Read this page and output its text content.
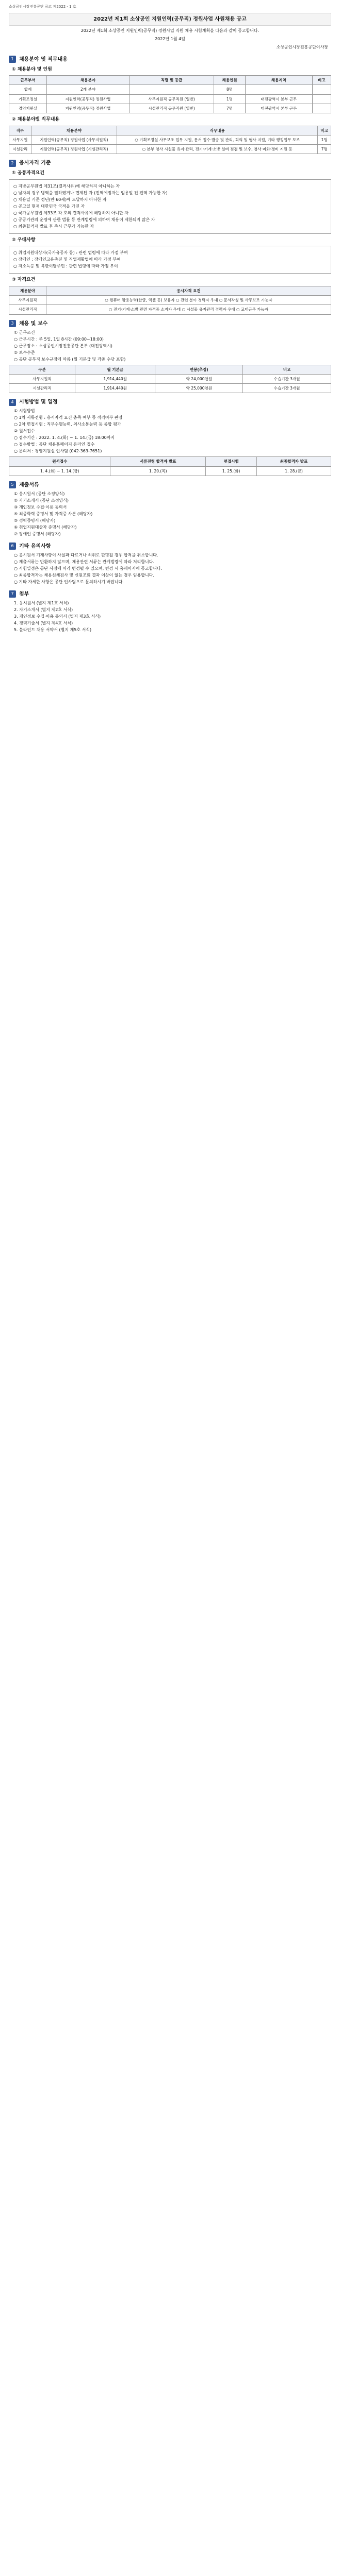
소상공인시장진흥공단 공고 제2022 - 1 호
2022년 제1회 소상공인 지원인력(공무직) 정원사업 사원채용 공고
2022년 제1회 소상공인 지원인력(공무직) 정원사업 직원 채용 시험계획을 다음과 같이 공고합니다.
2022년 1월 4일
소상공인시장진흥공단이사장
1	채용분야 및 직무내용
① 채용분야 및 인원
근무부서	채용분야	직렬 및 등급	채용인원	채용지역	비고
합계	2개 분야		8명		
기획조정실	지원인력(공무직) 정원사업	사무지원직 공무직원 (일반)	1명	대전광역시 본부 근무	
경영지원실	지원인력(공무직) 정원사업	시설관리직 공무직원 (일반)	7명	대전광역시 본부 근무	
② 채용분야별 직무내용
직무	채용분야	직무내용	비고
사무지원	지원인력(공무직) 정원사업 (사무지원직)	○ 기획조정실 사무보조 업무 지원, 문서 접수·발송 및 관리, 회의 및 행사 지원, 기타 행정업무 보조	1명
시설관리	지원인력(공무직) 정원사업 (시설관리직)	○ 본부 청사 시설물 유지·관리, 전기·기계·소방 설비 점검 및 보수, 청사 미화·경비 지원 등	7명
2	응시자격 기준
① 공통자격요건

○ 지방공무원법 제31조(결격사유)에 해당하지 아니하는 자

○ 남자의 경우 병역을 필하였거나 면제된 자 (전역예정자는 임용일 전 전역 가능한 자)

○ 채용일 기준 정년(만 60세)에 도달하지 아니한 자

○ 공고일 현재 대한민국 국적을 가진 자

○ 국가공무원법 제33조 각 호의 결격사유에 해당하지 아니한 자

○ 공공기관의 운영에 관한 법률 등 관계법령에 의하여 채용이 제한되지 않은 자

○ 최종합격자 발표 후 즉시 근무가 가능한 자

② 우대사항

○ 취업지원대상자(국가유공자 등) : 관련 법령에 따라 가점 부여

○ 장애인 : 장애인고용촉진 및 직업재활법에 따라 가점 부여

○ 저소득층 및 북한이탈주민 : 관련 법령에 따라 가점 부여

③ 자격요건
채용분야	응시자격 요건
사무지원직	○ 컴퓨터 활용능력(한글, 엑셀 등) 보유자 ○ 관련 분야 경력자 우대 ○ 문서작성 및 사무보조 가능자
시설관리직	○ 전기·기계·소방 관련 자격증 소지자 우대 ○ 시설물 유지관리 경력자 우대 ○ 교대근무 가능자
3	채용 및 보수
① 근무조건
○ 근무시간 : 주 5일, 1일 8시간 (09:00~18:00)
○ 근무장소 : 소상공인시장진흥공단 본부 (대전광역시)
② 보수수준
○ 공단 공무직 보수규정에 따름 (월 기본급 및 각종 수당 포함)
구분	월 기본급	연봉(추정)	비고
사무지원직	1,914,440원	약 24,000천원	수습기간 3개월
시설관리직	1,914,440원	약 25,000천원	수습기간 3개월
4	시험방법 및 일정
① 시험방법
○ 1차 서류전형 : 응시자격 요건 충족 여부 등 적격여부 판정
○ 2차 면접시험 : 직무수행능력, 의사소통능력 등 종합 평가
② 원서접수
○ 접수기간 : 2022. 1. 4.(화) ~ 1. 14.(금) 18:00까지
○ 접수방법 : 공단 채용홈페이지 온라인 접수
○ 문의처 : 경영지원실 인사팀 (042-363-7651)
원서접수	서류전형 합격자 발표	면접시험	최종합격자 발표
1. 4.(화) ~ 1. 14.(금)	1. 20.(목)	1. 25.(화)	1. 28.(금)
5	제출서류
① 응시원서 (공단 소정양식)
② 자기소개서 (공단 소정양식)
③ 개인정보 수집·이용 동의서
④ 최종학력 증명서 및 자격증 사본 (해당자)
⑤ 경력증명서 (해당자)
⑥ 취업지원대상자 증명서 (해당자)
⑦ 장애인 증명서 (해당자)
6	기타 유의사항
○ 응시원서 기재사항이 사실과 다르거나 허위로 판명될 경우 합격을 취소합니다.
○ 제출서류는 반환하지 않으며, 채용관련 서류는 관계법령에 따라 처리합니다.
○ 시험일정은 공단 사정에 따라 변경될 수 있으며, 변경 시 홈페이지에 공고합니다.
○ 최종합격자는 채용신체검사 및 신원조회 결과 이상이 없는 경우 임용합니다.
○ 기타 자세한 사항은 공단 인사팀으로 문의하시기 바랍니다.
7	첨부
1. 응시원서 (별지 제1호 서식)
2. 자기소개서 (별지 제2호 서식)
3. 개인정보 수집·이용 동의서 (별지 제3호 서식)
4. 경력기술서 (별지 제4호 서식)
5. 블라인드 채용 서약서 (별지 제5호 서식)
